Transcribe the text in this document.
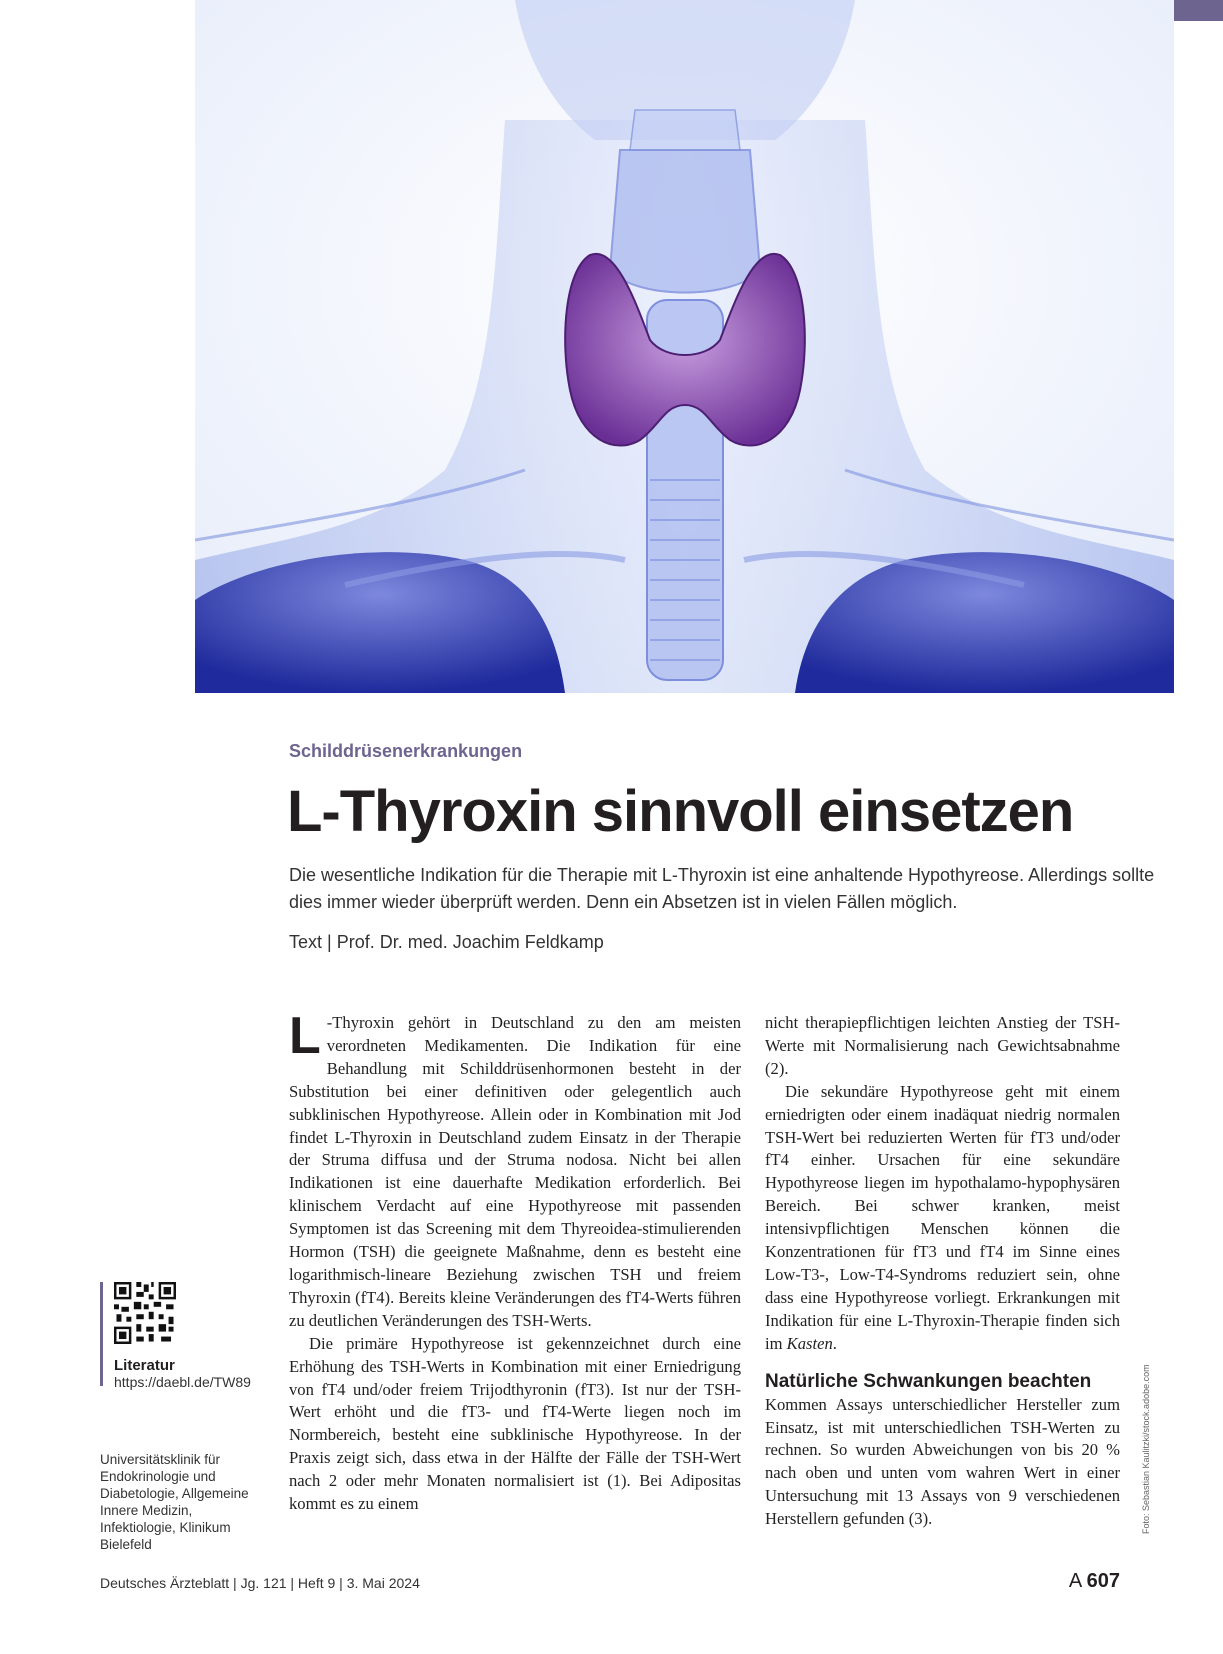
Schilddrüsenerkrankungen
L-Thyroxin sinnvoll einsetzen

Die wesentliche Indikation für die Therapie mit L-Thyroxin ist eine anhaltende Hypothyreose. Allerdings sollte dies immer wieder überprüft werden. Denn ein Absetzen ist in vielen Fällen möglich.

Text | Prof. Dr. med. Joachim Feldkamp

L -Thyroxin gehört in Deutschland zu den am meisten verordneten Medikamenten. Die Indikation für eine Behandlung mit Schilddrüsenhormonen besteht in der Substitution bei einer definitiven oder gelegentlich auch subklinischen Hypothyreose. Allein oder in Kombination mit Jod findet L-Thyroxin in Deutschland zudem Einsatz in der Therapie der Struma diffusa und der Struma nodosa. Nicht bei allen Indikationen ist eine dauerhafte Medikation erforderlich. Bei klinischem Verdacht auf eine Hypothyreose mit passenden Symptomen ist das Screening mit dem Thyreoidea-stimulierenden Hormon (TSH) die geeignete Maßnahme, denn es besteht eine logarithmisch-lineare Beziehung zwischen TSH und freiem Thyroxin (fT4). Bereits kleine Veränderungen des fT4-Werts führen zu deutlichen Veränderungen des TSH-Werts.

Die primäre Hypothyreose ist gekennzeichnet durch eine Erhöhung des TSH-Werts in Kombination mit einer Erniedrigung von fT4 und/oder freiem Trijodthyronin (fT3). Ist nur der TSH-Wert erhöht und die fT3- und fT4-Werte liegen noch im Normbereich, besteht eine subklinische Hypothyreose. In der Praxis zeigt sich, dass etwa in der Hälfte der Fälle der TSH-Wert nach 2 oder mehr Monaten normalisiert ist (1). Bei Adipositas kommt es zu einem

nicht therapiepflichtigen leichten Anstieg der TSH-Werte mit Normalisierung nach Gewichtsabnahme (2).

Die sekundäre Hypothyreose geht mit einem erniedrigten oder einem inadäquat niedrig normalen TSH-Wert bei reduzierten Werten für fT3 und/oder fT4 einher. Ursachen für eine sekundäre Hypothyreose liegen im hypothalamo-hypophysären Bereich. Bei schwer kranken, meist intensivpflichtigen Menschen können die Konzentrationen für fT3 und fT4 im Sinne eines Low-T3-, Low-T4-Syndroms reduziert sein, ohne dass eine Hypothyreose vorliegt. Erkrankungen mit Indikation für eine L-Thyroxin-Therapie finden sich im Kasten.

Natürliche Schwankungen beachten

Kommen Assays unterschiedlicher Hersteller zum Einsatz, ist mit unterschiedlichen TSH-Werten zu rechnen. So wurden Abweichungen von bis 20 % nach oben und unten vom wahren Wert in einer Untersuchung mit 13 Assays von 9 verschiedenen Herstellern gefunden (3).

Literatur
https://daebl.de/TW89
Universitätsklinik für Endokrinologie und Diabetologie, Allgemeine Innere Medizin, Infektiologie, Klinikum Bielefeld
Foto: Sebastian Kaulitzki/stock.adobe.com
Deutsches Ärzteblatt | Jg. 121 | Heft 9 | 3. Mai 2024	A 607
